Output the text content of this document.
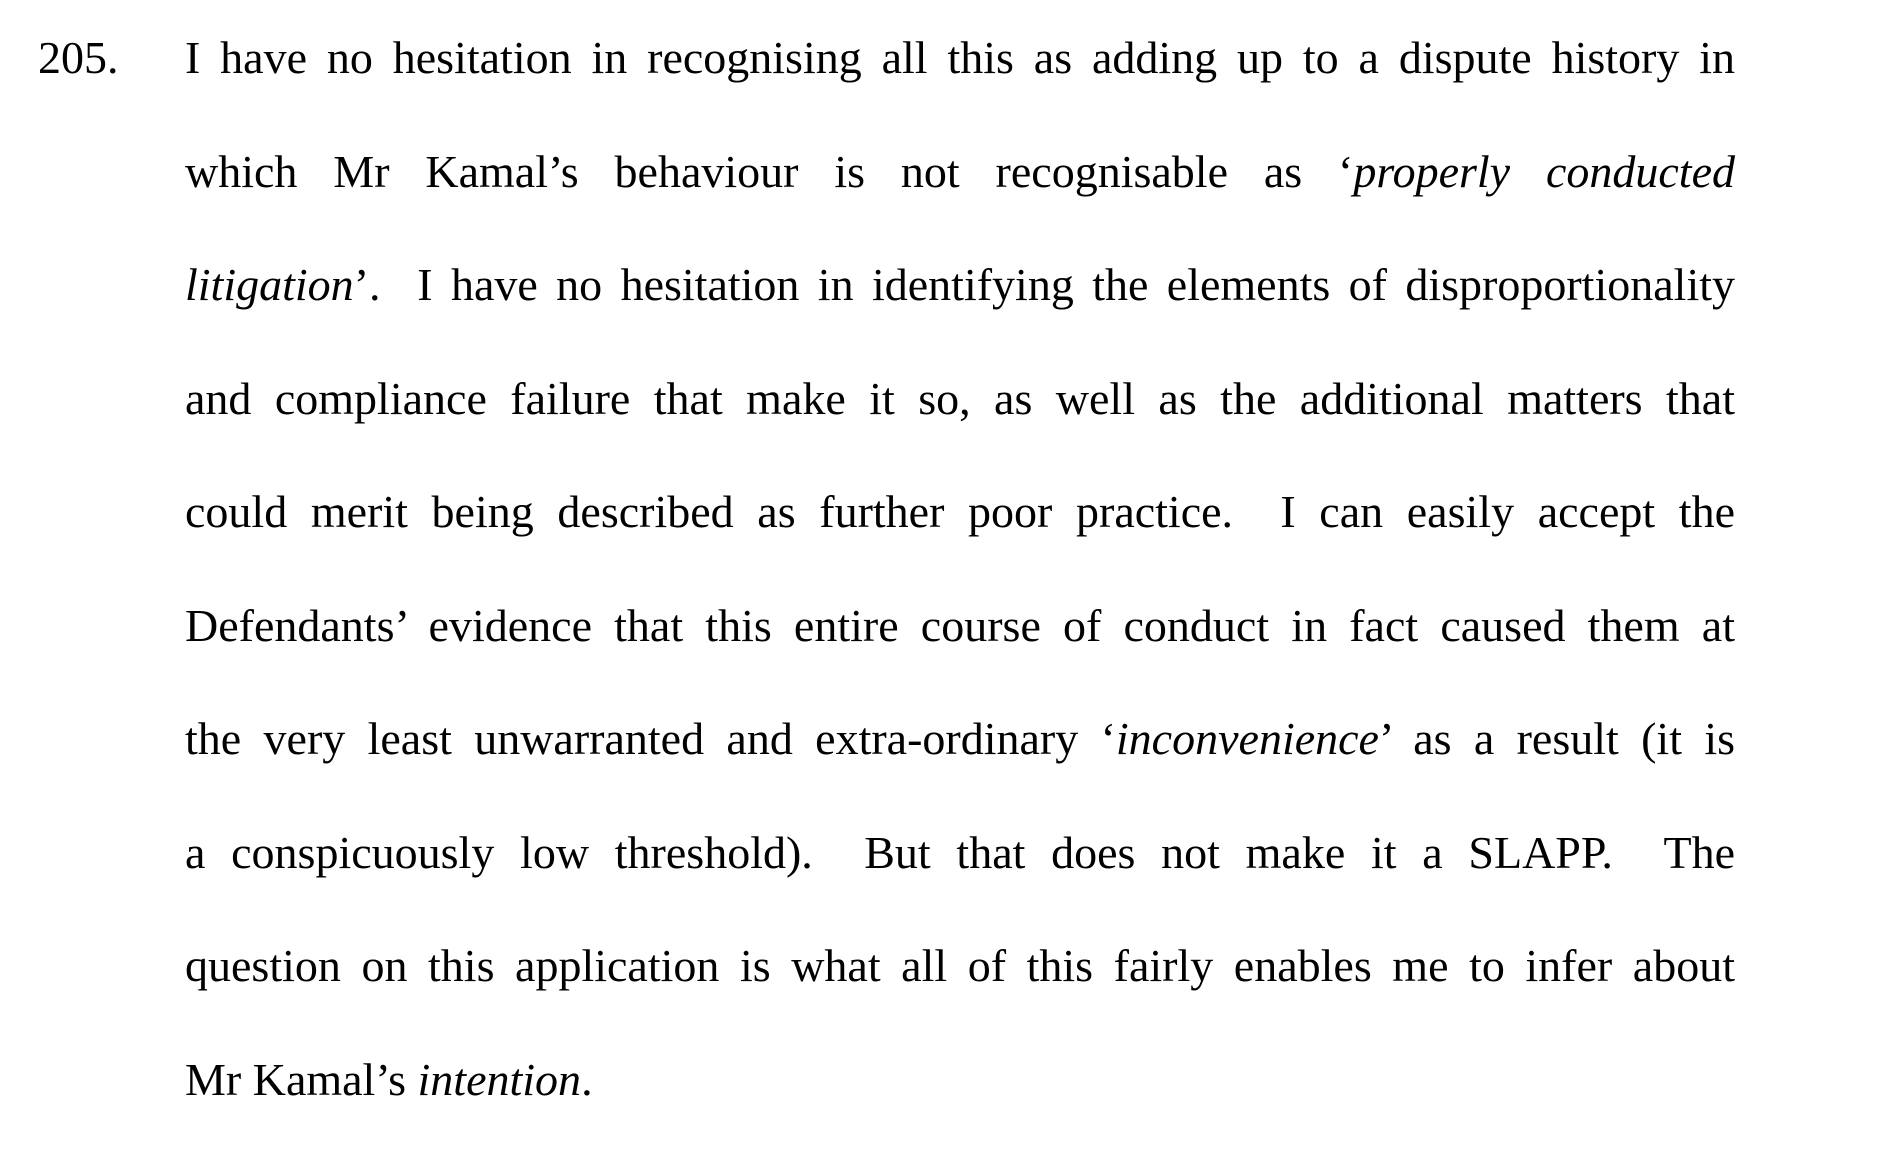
205. I have no hesitation in recognising all this as adding up to a dispute history in
which Mr Kamal’s behaviour is not recognisable as ‘properly conducted
litigation’.  I have no hesitation in identifying the elements of disproportionality
and compliance failure that make it so, as well as the additional matters that
could merit being described as further poor practice.  I can easily accept the
Defendants’ evidence that this entire course of conduct in fact caused them at
the very least unwarranted and extra-ordinary ‘inconvenience’ as a result (it is
a conspicuously low threshold).  But that does not make it a SLAPP.  The
question on this application is what all of this fairly enables me to infer about
Mr Kamal’s intention.
